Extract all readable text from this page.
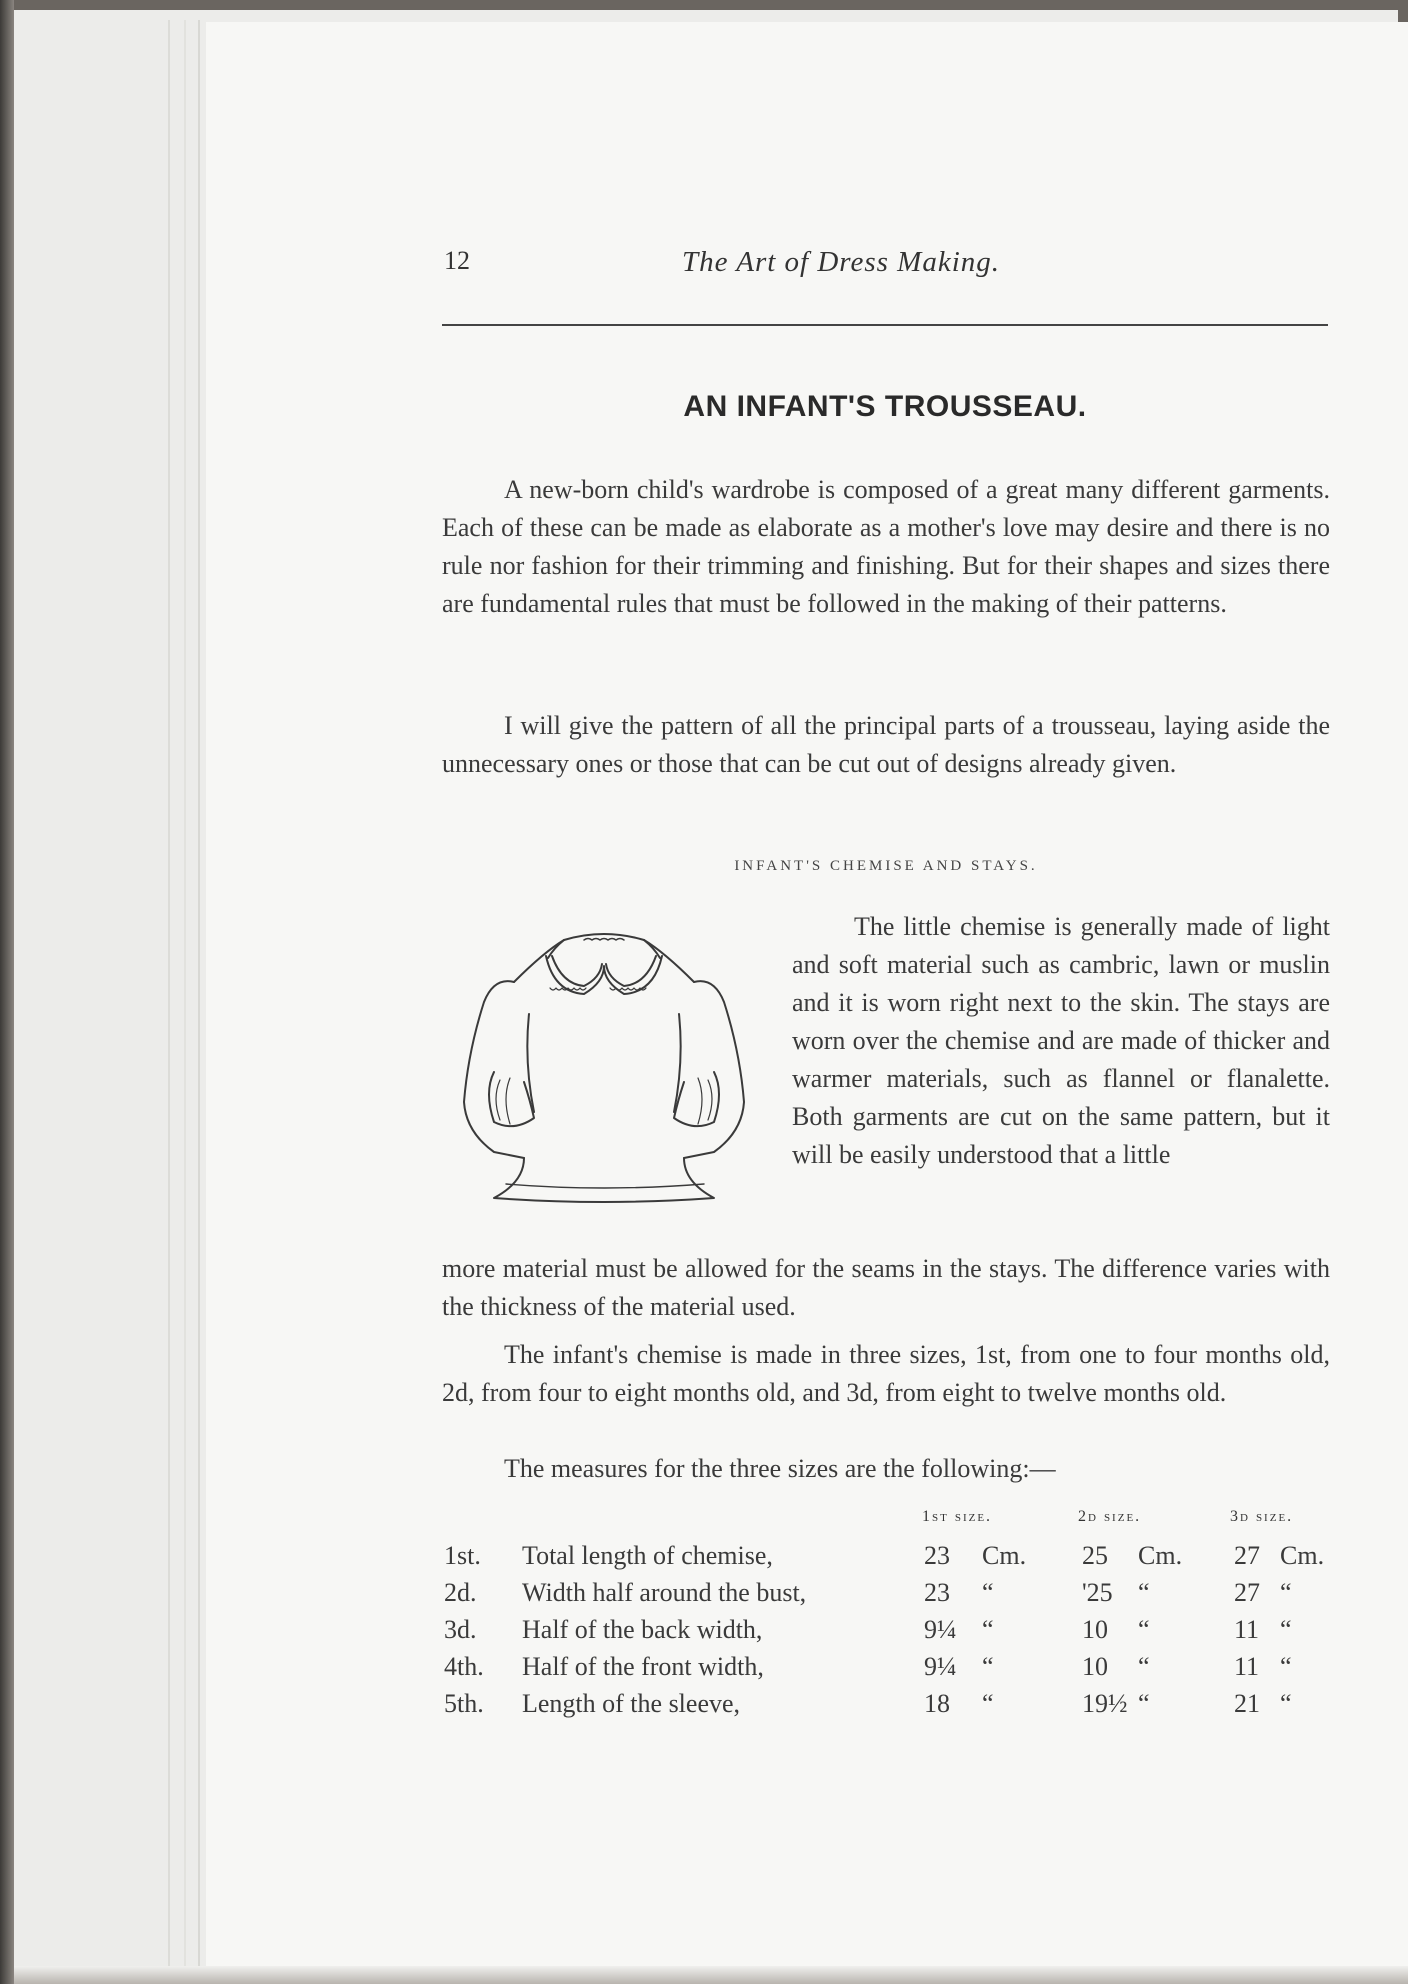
12	The Art of Dress Making.
AN INFANT'S TROUSSEAU.

A new-born child's wardrobe is composed of a great many different garments. Each of these can be made as elaborate as a mother's love may desire and there is no rule nor fashion for their trimming and finishing. But for their shapes and sizes there are fundamental rules that must be followed in the making of their patterns.

I will give the pattern of all the principal parts of a trousseau, laying aside the unnecessary ones or those that can be cut out of designs already given.

INFANT'S CHEMISE AND STAYS.

The little chemise is generally made of light and soft material such as cambric, lawn or muslin and it is worn right next to the skin. The stays are worn over the chemise and are made of thicker and warmer materials, such as flannel or flanalette. Both garments are cut on the same pattern, but it will be easily understood that a little

more material must be allowed for the seams in the stays. The difference varies with the thickness of the material used.

The infant's chemise is made in three sizes, 1st, from one to four months old, 2d, from four to eight months old, and 3d, from eight to twelve months old.

The measures for the three sizes are the following:—

1st size.	2d size.	3d size.
1st. Total length of chemise,	23 Cm. 25 Cm. 27 Cm.
2d. Width half around the bust,	23 “	'25 “	27 “
3d. Half of the back width,	9¼ “	10 “	11 “
4th. Half of the front width,	9¼ “	10 “	11 “
5th. Length of the sleeve,	18 “	19½ “	21 “
